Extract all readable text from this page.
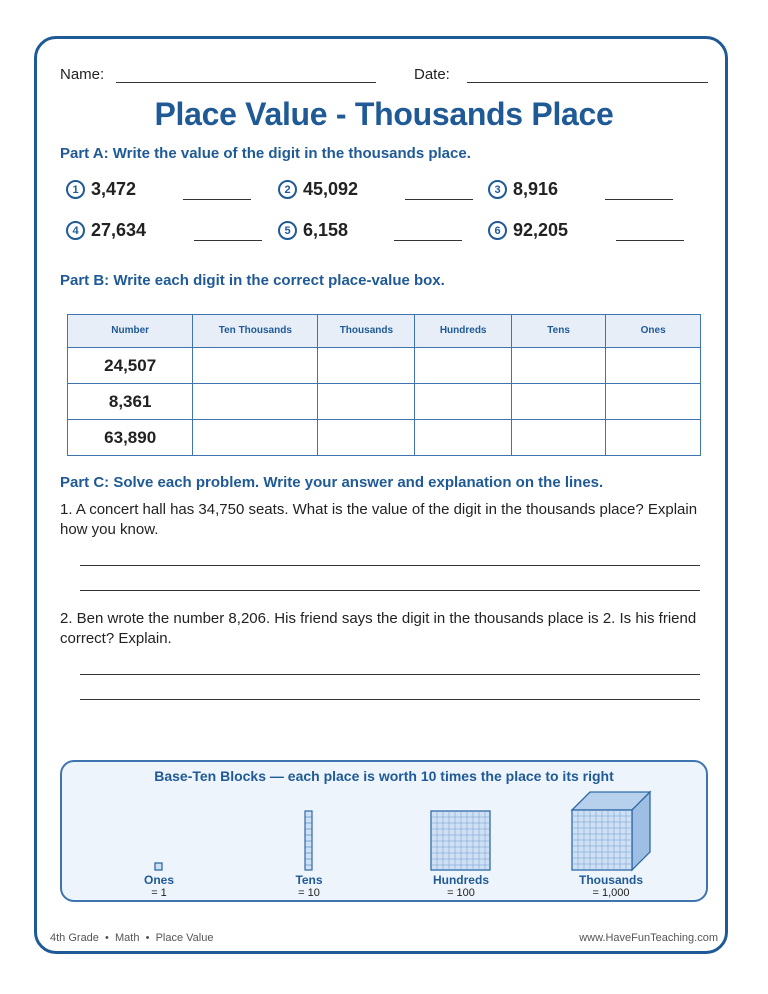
Name:	Date:
Place Value - Thousands Place
Part A: Write the value of the digit in the thousands place.
1 3,472	2 45,092	3 8,916
4 27,634	5 6,158	6 92,205
Part B: Write each digit in the correct place-value box.
Number	Ten Thousands	Thousands	Hundreds	Tens	Ones
24,507					
8,361					
63,890					
Part C: Solve each problem. Write your answer and explanation on the lines.
1. A concert hall has 34,750 seats. What is the value of the digit in the thousands place? Explain how you know.
2. Ben wrote the number 8,206. His friend says the digit in the thousands place is 2. Is his friend correct? Explain.
Base-Ten Blocks — each place is worth 10 times the place to its right
Ones
= 1
Tens
= 10
Hundreds
= 100
Thousands
= 1,000
4th Grade  •  Math  •  Place Value	www.HaveFunTeaching.com
